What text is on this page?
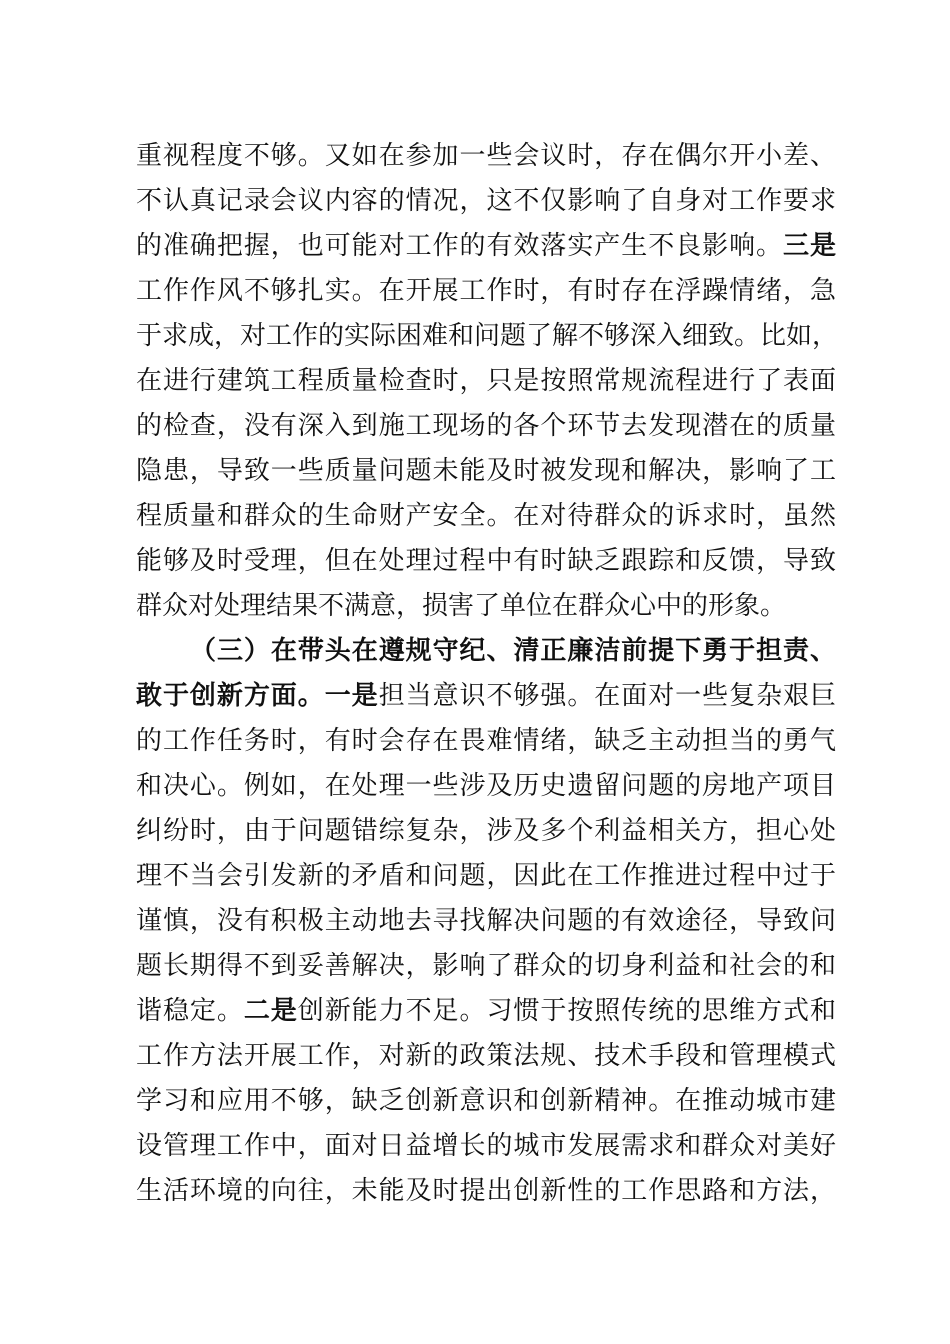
重视程度不够。又如在参加一些会议时，存在偶尔开小差、
不认真记录会议内容的情况，这不仅影响了自身对工作要求
的准确把握，也可能对工作的有效落实产生不良影响。三是
工作作风不够扎实。在开展工作时，有时存在浮躁情绪，急
于求成，对工作的实际困难和问题了解不够深入细致。比如，
在进行建筑工程质量检查时，只是按照常规流程进行了表面
的检查，没有深入到施工现场的各个环节去发现潜在的质量
隐患，导致一些质量问题未能及时被发现和解决，影响了工
程质量和群众的生命财产安全。在对待群众的诉求时，虽然
能够及时受理，但在处理过程中有时缺乏跟踪和反馈，导致
群众对处理结果不满意，损害了单位在群众心中的形象。
（三）在带头在遵规守纪、清正廉洁前提下勇于担责、
敢于创新方面。一是担当意识不够强。在面对一些复杂艰巨
的工作任务时，有时会存在畏难情绪，缺乏主动担当的勇气
和决心。例如，在处理一些涉及历史遗留问题的房地产项目
纠纷时，由于问题错综复杂，涉及多个利益相关方，担心处
理不当会引发新的矛盾和问题，因此在工作推进过程中过于
谨慎，没有积极主动地去寻找解决问题的有效途径，导致问
题长期得不到妥善解决，影响了群众的切身利益和社会的和
谐稳定。二是创新能力不足。习惯于按照传统的思维方式和
工作方法开展工作，对新的政策法规、技术手段和管理模式
学习和应用不够，缺乏创新意识和创新精神。在推动城市建
设管理工作中，面对日益增长的城市发展需求和群众对美好
生活环境的向往，未能及时提出创新性的工作思路和方法，
